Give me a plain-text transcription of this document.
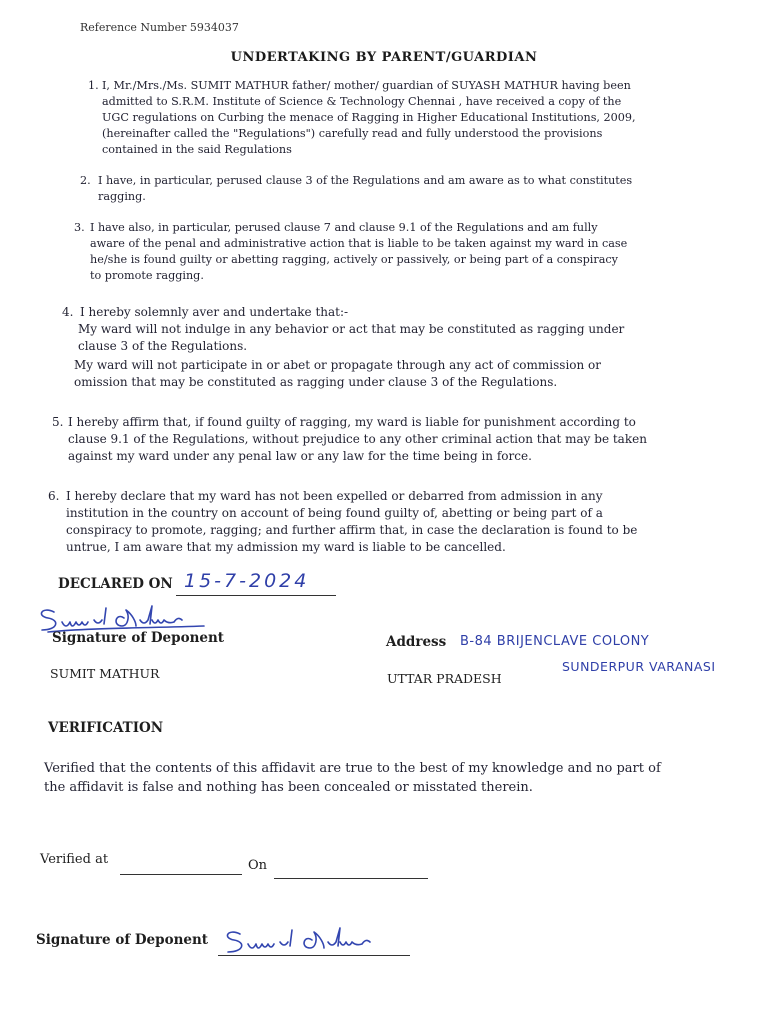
Reference Number 5934037
UNDERTAKING BY PARENT/GUARDIAN
1. I, Mr./Mrs./Ms. SUMIT MATHUR father/ mother/ guardian of SUYASH MATHUR having been
admitted to S.R.M. Institute of Science & Technology Chennai , have received a copy of the
UGC regulations on Curbing the menace of Ragging in Higher Educational Institutions, 2009,
(hereinafter called the "Regulations") carefully read and fully understood the provisions
contained in the said Regulations
2. I have, in particular, perused clause 3 of the Regulations and am aware as to what constitutes
ragging.
3. I have also, in particular, perused clause 7 and clause 9.1 of the Regulations and am fully
aware of the penal and administrative action that is liable to be taken against my ward in case
he/she is found guilty or abetting ragging, actively or passively, or being part of a conspiracy
to promote ragging.
4. I hereby solemnly aver and undertake that:-
My ward will not indulge in any behavior or act that may be constituted as ragging under
clause 3 of the Regulations.
My ward will not participate in or abet or propagate through any act of commission or
omission that may be constituted as ragging under clause 3 of the Regulations.
5. I hereby affirm that, if found guilty of ragging, my ward is liable for punishment according to
clause 9.1 of the Regulations, without prejudice to any other criminal action that may be taken
against my ward under any penal law or any law for the time being in force.
6. I hereby declare that my ward has not been expelled or debarred from admission in any
institution in the country on account of being found guilty of, abetting or being part of a
conspiracy to promote, ragging; and further affirm that, in case the declaration is found to be
untrue, I am aware that my admission my ward is liable to be cancelled.
DECLARED ON 15-7-2024
Signature of Deponent
SUMIT MATHUR
Address B-84 BRIJENCLAVE COLONY
SUNDERPUR VARANASI
UTTAR PRADESH
VERIFICATION
Verified that the contents of this affidavit are true to the best of my knowledge and no part of
the affidavit is false and nothing has been concealed or misstated therein.
Verified at	On
Signature of Deponent
